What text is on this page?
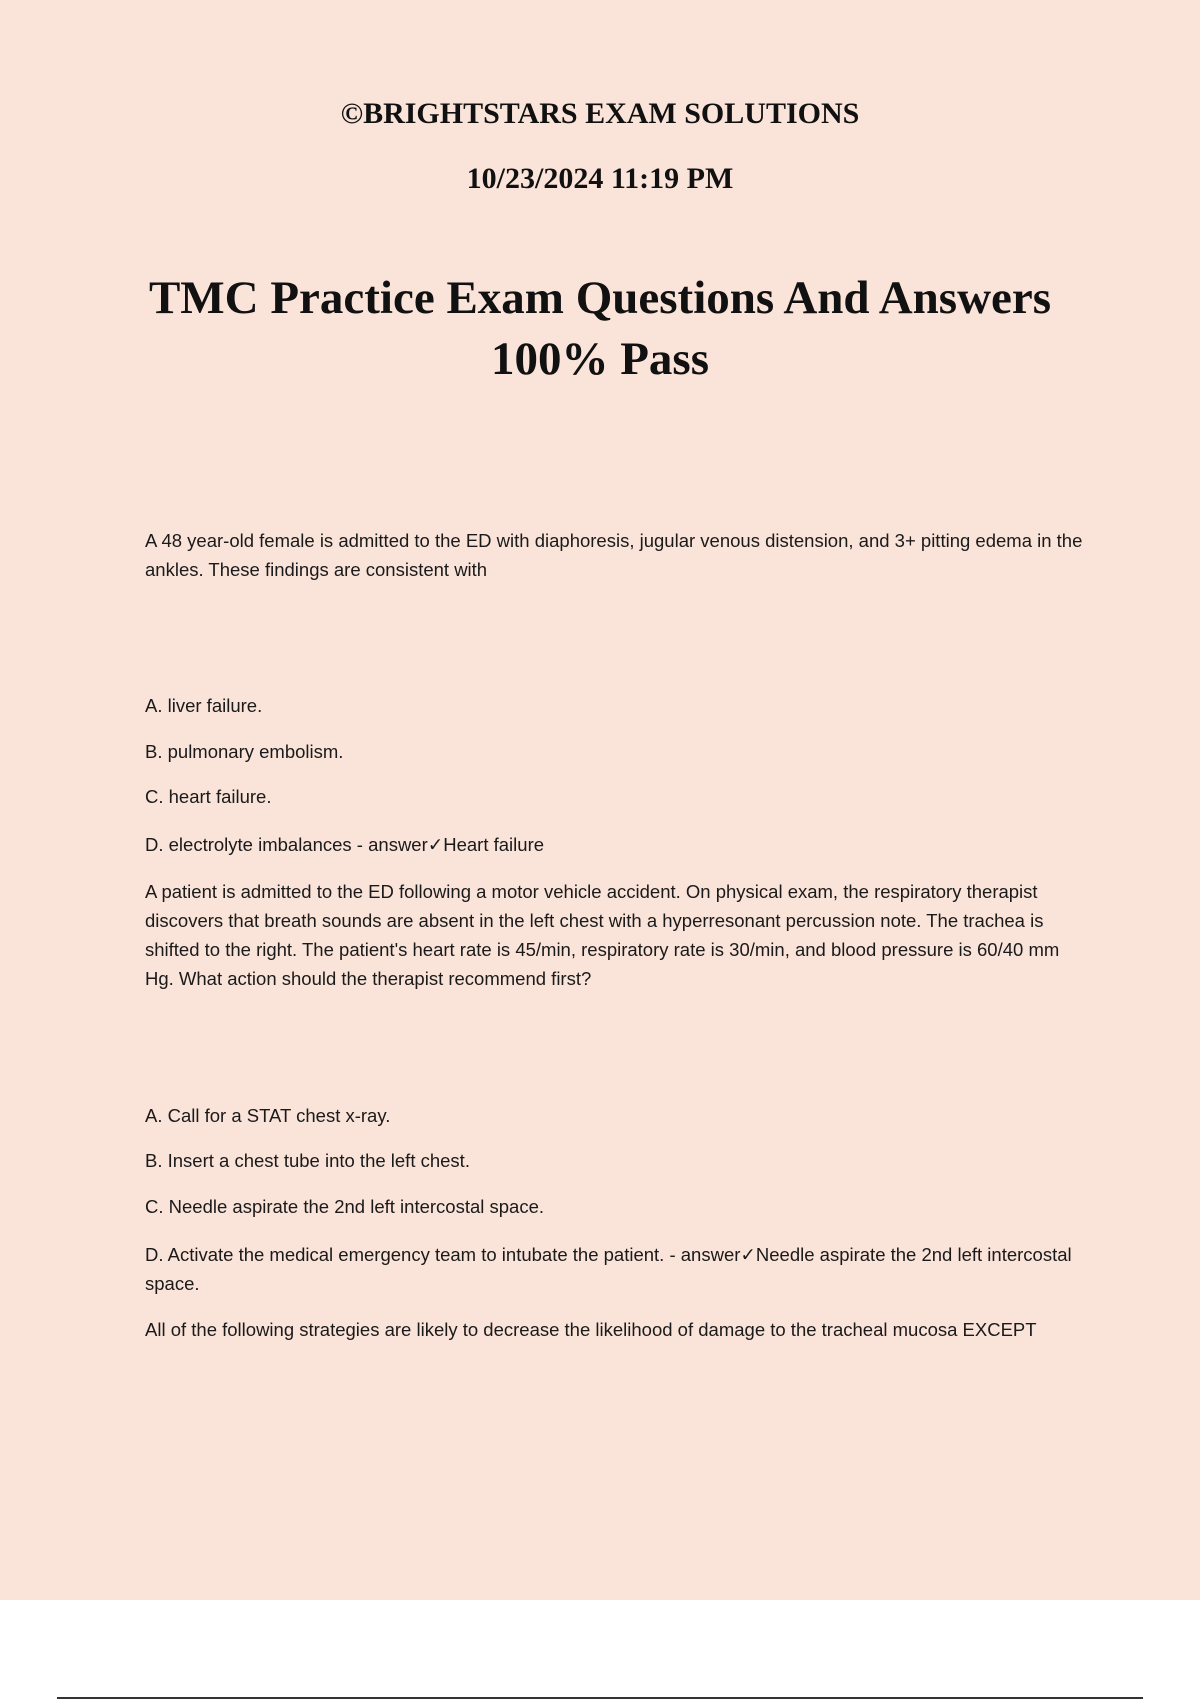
©BRIGHTSTARS EXAM SOLUTIONS

10/23/2024 11:19 PM

TMC Practice Exam Questions And Answers 100% Pass

A 48 year-old female is admitted to the ED with diaphoresis, jugular venous distension, and 3+ pitting edema in the ankles. These findings are consistent with

A. liver failure.

B. pulmonary embolism.

C. heart failure.

D. electrolyte imbalances - answer✓Heart failure

A patient is admitted to the ED following a motor vehicle accident. On physical exam, the respiratory therapist discovers that breath sounds are absent in the left chest with a hyperresonant percussion note. The trachea is shifted to the right. The patient's heart rate is 45/min, respiratory rate is 30/min, and blood pressure is 60/40 mm Hg. What action should the therapist recommend first?

A. Call for a STAT chest x-ray.

B. Insert a chest tube into the left chest.

C. Needle aspirate the 2nd left intercostal space.

D. Activate the medical emergency team to intubate the patient. - answer✓Needle aspirate the 2nd left intercostal space.

All of the following strategies are likely to decrease the likelihood of damage to the tracheal mucosa EXCEPT
